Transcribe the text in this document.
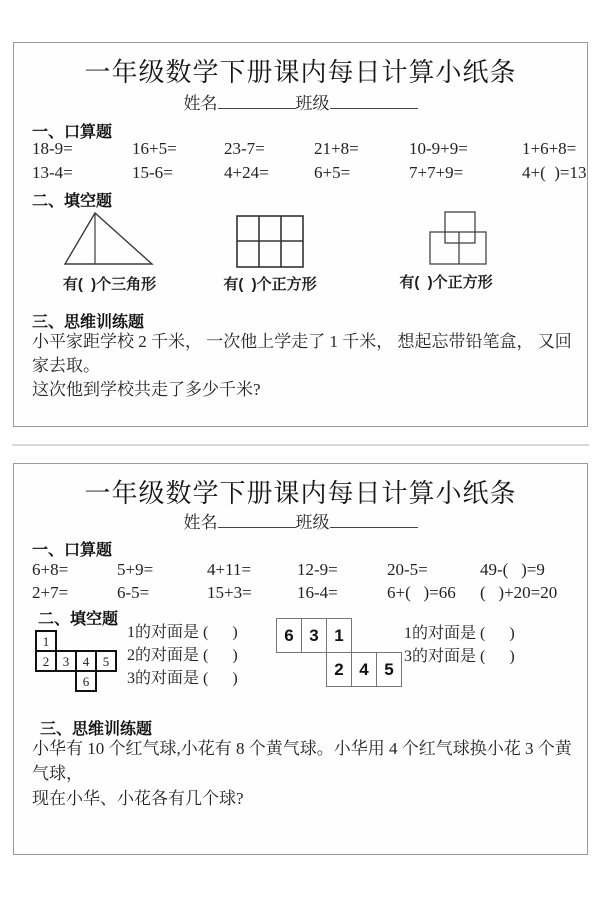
一年级数学下册课内每日计算小纸条
姓名	班级
一、口算题
18-9=	16+5=	23-7=	21+8=	10-9+9=	1+6+8=
13-4=	15-6=	4+24=	6+5=	7+7+9=	4+(  )=13
二、填空题
有(  )个三角形	有(  )个正方形	有(  )个正方形
三、思维训练题
小平家距学校 2 千米， 一次他上学走了 1 千米， 想起忘带铅笔盒， 又回家去取。
这次他到学校共走了多少千米?
一年级数学下册课内每日计算小纸条
姓名	班级
一、口算题
6+8=	5+9=	4+11=	12-9=	20-5=	49-(   )=9
2+7=	6-5=	15+3=	16-4=	6+(   )=66 (   )+20=20
二、填空题
1
2	3	4	5
6
1的对面是 (      )
2的对面是 (      )
3的对面是 (      )
6 3 1
2 4 5
1的对面是 (      )
3的对面是 (      )
三、思维训练题
小华有 10 个红气球,小花有 8 个黄气球。小华用 4 个红气球换小花 3 个黄气球，
现在小华、小花各有几个球?
